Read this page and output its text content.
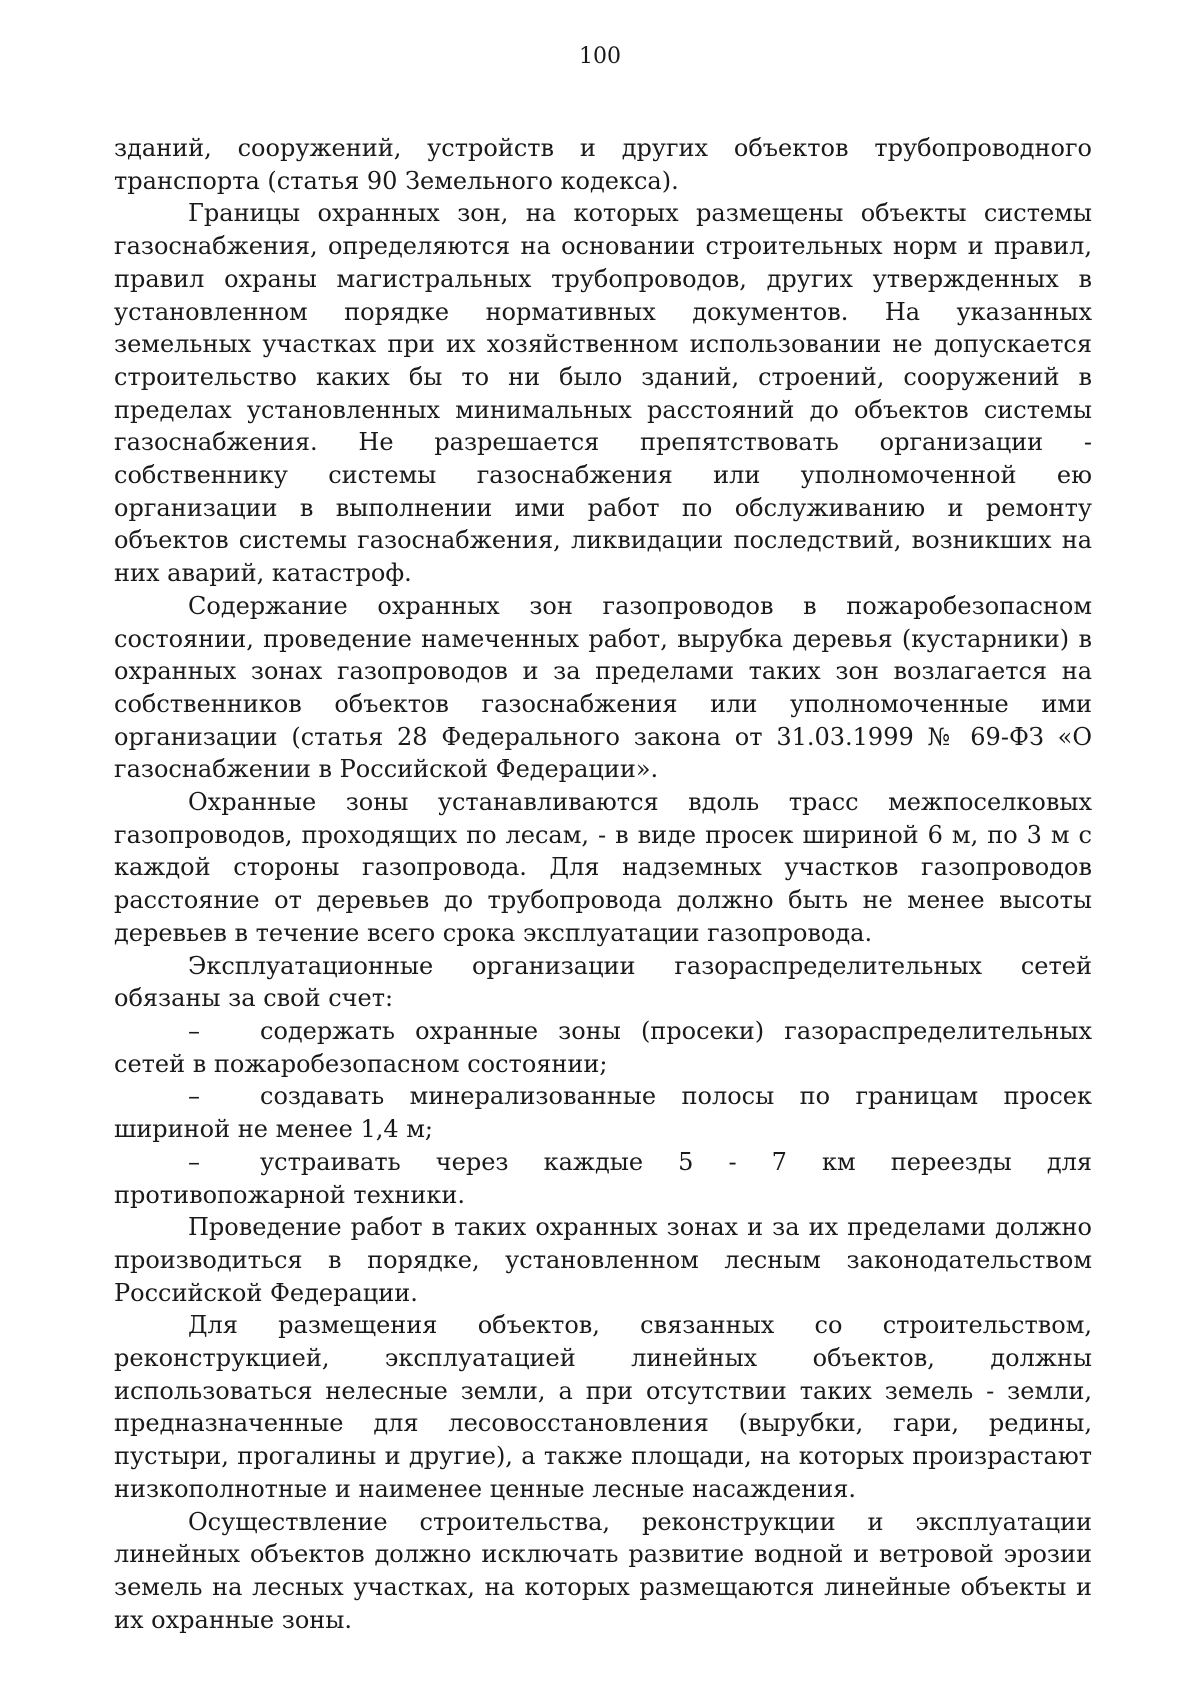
100

зданий, сооружений, устройств и других объектов трубопроводного транспорта (статья 90 Земельного кодекса).

Границы охранных зон, на которых размещены объекты системы газоснабжения, определяются на основании строительных норм и правил, правил охраны магистральных трубопроводов, других утвержденных в установленном порядке нормативных документов. На указанных земельных участках при их хозяйственном использовании не допускается строительство каких бы то ни было зданий, строений, сооружений в пределах установленных минимальных расстояний до объектов системы газоснабжения. Не разрешается препятствовать организации - собственнику системы газоснабжения или уполномоченной ею организации в выполнении ими работ по обслуживанию и ремонту объектов системы газоснабжения, ликвидации последствий, возникших на них аварий, катастроф.

Содержание охранных зон газопроводов в пожаробезопасном состоянии, проведение намеченных работ, вырубка деревья (кустарники) в охранных зонах газопроводов и за пределами таких зон возлагается на собственников объектов газоснабжения или уполномоченные ими организации (статья 28 Федерального закона от 31.03.1999 № 69-ФЗ «О газоснабжении в Российской Федерации».

Охранные зоны устанавливаются вдоль трасс межпоселковых газопроводов, проходящих по лесам, - в виде просек шириной 6 м, по 3 м с каждой стороны газопровода. Для надземных участков газопроводов расстояние от деревьев до трубопровода должно быть не менее высоты деревьев в течение всего срока эксплуатации газопровода.

Эксплуатационные организации газораспределительных сетей обязаны за свой счет:

–	содержать охранные зоны (просеки) газораспределительных сетей в пожаробезопасном состоянии;

–	создавать минерализованные полосы по границам просек шириной не менее 1,4 м;

–	устраивать через каждые 5 - 7 км переезды для противопожарной техники.

Проведение работ в таких охранных зонах и за их пределами должно производиться в порядке, установленном лесным законодательством Российской Федерации.

Для размещения объектов, связанных со строительством, реконструкцией, эксплуатацией линейных объектов, должны использоваться нелесные земли, а при отсутствии таких земель - земли, предназначенные для лесовосстановления (вырубки, гари, редины, пустыри, прогалины и другие), а также площади, на которых произрастают низкополнотные и наименее ценные лесные насаждения.

Осуществление строительства, реконструкции и эксплуатации линейных объектов должно исключать развитие водной и ветровой эрозии земель на лесных участках, на которых размещаются линейные объекты и их охранные зоны.
